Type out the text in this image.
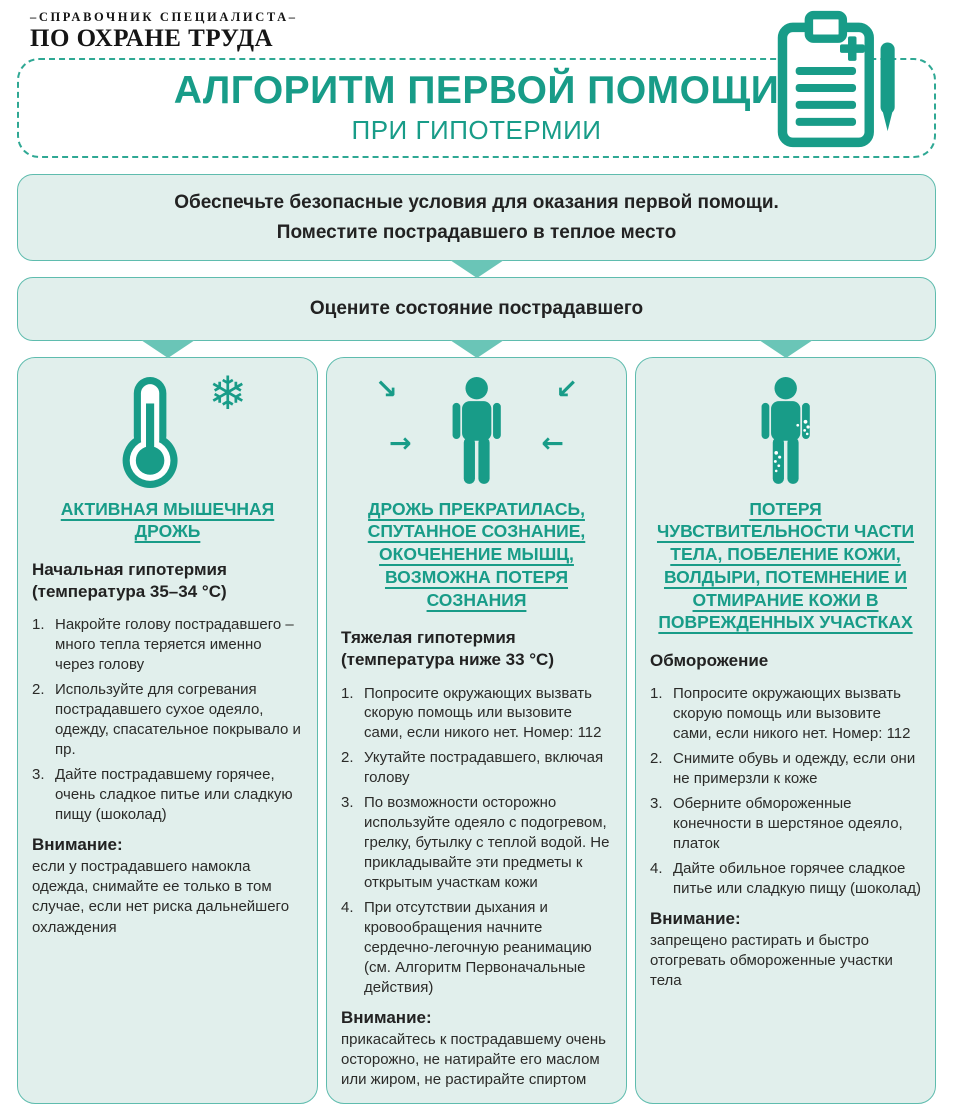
–СПРАВОЧНИК СПЕЦИАЛИСТА–
ПО ОХРАНЕ ТРУДА
АЛГОРИТМ ПЕРВОЙ ПОМОЩИ
ПРИ ГИПОТЕРМИИ
Обеспечьте безопасные условия для оказания первой помощи.
Поместите пострадавшего в теплое место
Оцените состояние пострадавшего
❄
АКТИВНАЯ МЫШЕЧНАЯ ДРОЖЬ
Начальная гипотермия (температура 35–34 °C)
1. Накройте голову пострадавшего – много тепла теряется именно через голову
2. Используйте для согревания пострадавшего сухое одеяло, одежду, спасательное покрывало и пр.
3. Дайте пострадавшему горячее, очень сладкое питье или сладкую пищу (шоколад)

Внимание:

если у пострадавшего намокла одежда, снимайте ее только в том случае, если нет риска дальнейшего охлаждения

↘
→
↙
←
ДРОЖЬ ПРЕКРАТИЛАСЬ, СПУТАННОЕ СОЗНАНИЕ, ОКОЧЕНЕНИЕ МЫШЦ, ВОЗМОЖНА ПОТЕРЯ СОЗНАНИЯ
Тяжелая гипотермия (температура ниже 33 °C)
1. Попросите окружающих вызвать скорую помощь или вызовите сами, если никого нет. Номер: 112
2. Укутайте пострадавшего, включая голову
3. По возможности осторожно используйте одеяло с подогревом, грелку, бутылку с теплой водой. Не прикладывайте эти предметы к открытым участкам кожи
4. При отсутствии дыхания и кровообращения начните сердечно-легочную реанимацию (см. Алгоритм Первоначальные действия)

Внимание:

прикасайтесь к пострадавшему очень осторожно, не натирайте его маслом или жиром, не растирайте спиртом

ПОТЕРЯ ЧУВСТВИТЕЛЬНОСТИ ЧАСТИ ТЕЛА, ПОБЕЛЕНИЕ КОЖИ, ВОЛДЫРИ, ПОТЕМНЕНИЕ И ОТМИРАНИЕ КОЖИ В ПОВРЕЖДЕННЫХ УЧАСТКАХ
Обморожение
1. Попросите окружающих вызвать скорую помощь или вызовите сами, если никого нет. Номер: 112
2. Снимите обувь и одежду, если они не примерзли к коже
3. Оберните обмороженные конечности в шерстяное одеяло, платок
4. Дайте обильное горячее сладкое питье или сладкую пищу (шоколад)

Внимание:

запрещено растирать и быстро отогревать обмороженные участки тела
